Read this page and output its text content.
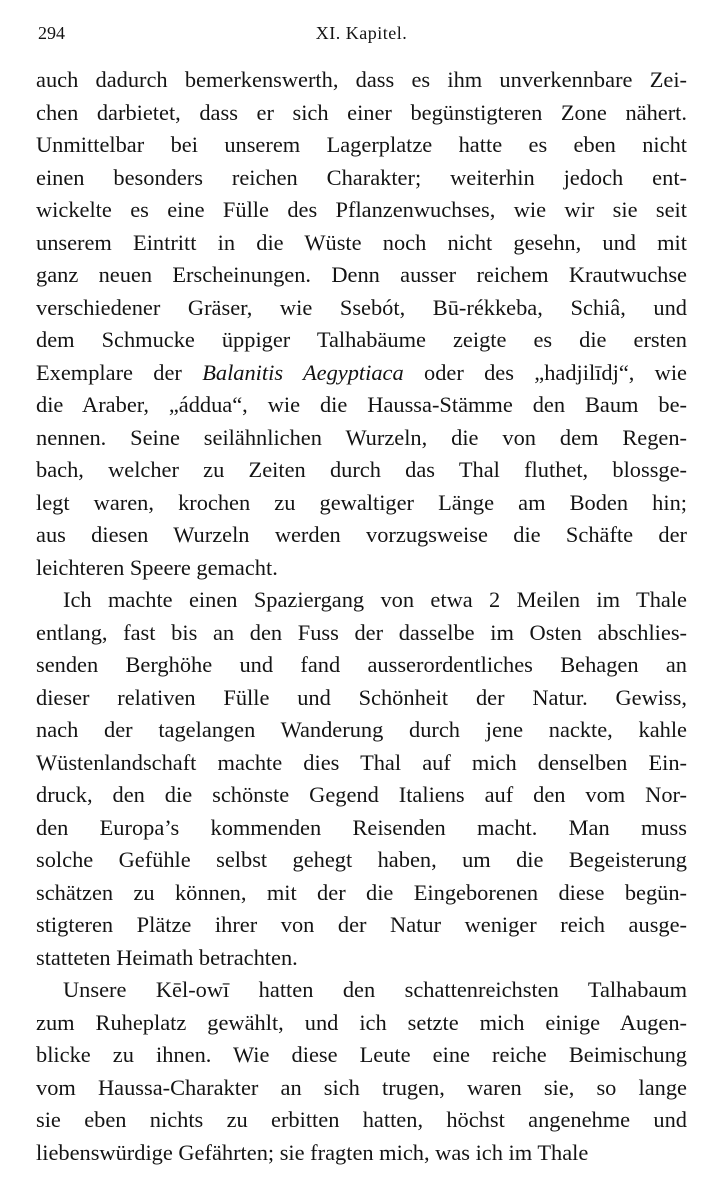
294	XI. Kapitel.
auch dadurch bemerkenswerth, dass es ihm unverkennbare Zei-
chen darbietet, dass er sich einer begünstigteren Zone nähert.
Unmittelbar bei unserem Lagerplatze hatte es eben nicht
einen besonders reichen Charakter; weiterhin jedoch ent-
wickelte es eine Fülle des Pflanzenwuchses, wie wir sie seit
unserem Eintritt in die Wüste noch nicht gesehn, und mit
ganz neuen Erscheinungen. Denn ausser reichem Krautwuchse
verschiedener Gräser, wie Ssebót, Bū-rékkeba, Schiâ, und
dem Schmucke üppiger Talhabäume zeigte es die ersten
Exemplare der Balanitis Aegyptiaca oder des „hadjilīdj“, wie
die Araber, „áddua“, wie die Haussa-Stämme den Baum be-
nennen. Seine seilähnlichen Wurzeln, die von dem Regen-
bach, welcher zu Zeiten durch das Thal fluthet, blossge-
legt waren, krochen zu gewaltiger Länge am Boden hin;
aus diesen Wurzeln werden vorzugsweise die Schäfte der
leichteren Speere gemacht.
Ich machte einen Spaziergang von etwa 2 Meilen im Thale
entlang, fast bis an den Fuss der dasselbe im Osten abschlies-
senden Berghöhe und fand ausserordentliches Behagen an
dieser relativen Fülle und Schönheit der Natur. Gewiss,
nach der tagelangen Wanderung durch jene nackte, kahle
Wüstenlandschaft machte dies Thal auf mich denselben Ein-
druck, den die schönste Gegend Italiens auf den vom Nor-
den Europa’s kommenden Reisenden macht. Man muss
solche Gefühle selbst gehegt haben, um die Begeisterung
schätzen zu können, mit der die Eingeborenen diese begün-
stigteren Plätze ihrer von der Natur weniger reich ausge-
statteten Heimath betrachten.
Unsere Kēl-owī hatten den schattenreichsten Talhabaum
zum Ruheplatz gewählt, und ich setzte mich einige Augen-
blicke zu ihnen. Wie diese Leute eine reiche Beimischung
vom Haussa-Charakter an sich trugen, waren sie, so lange
sie eben nichts zu erbitten hatten, höchst angenehme und
liebenswürdige Gefährten; sie fragten mich, was ich im Thale
